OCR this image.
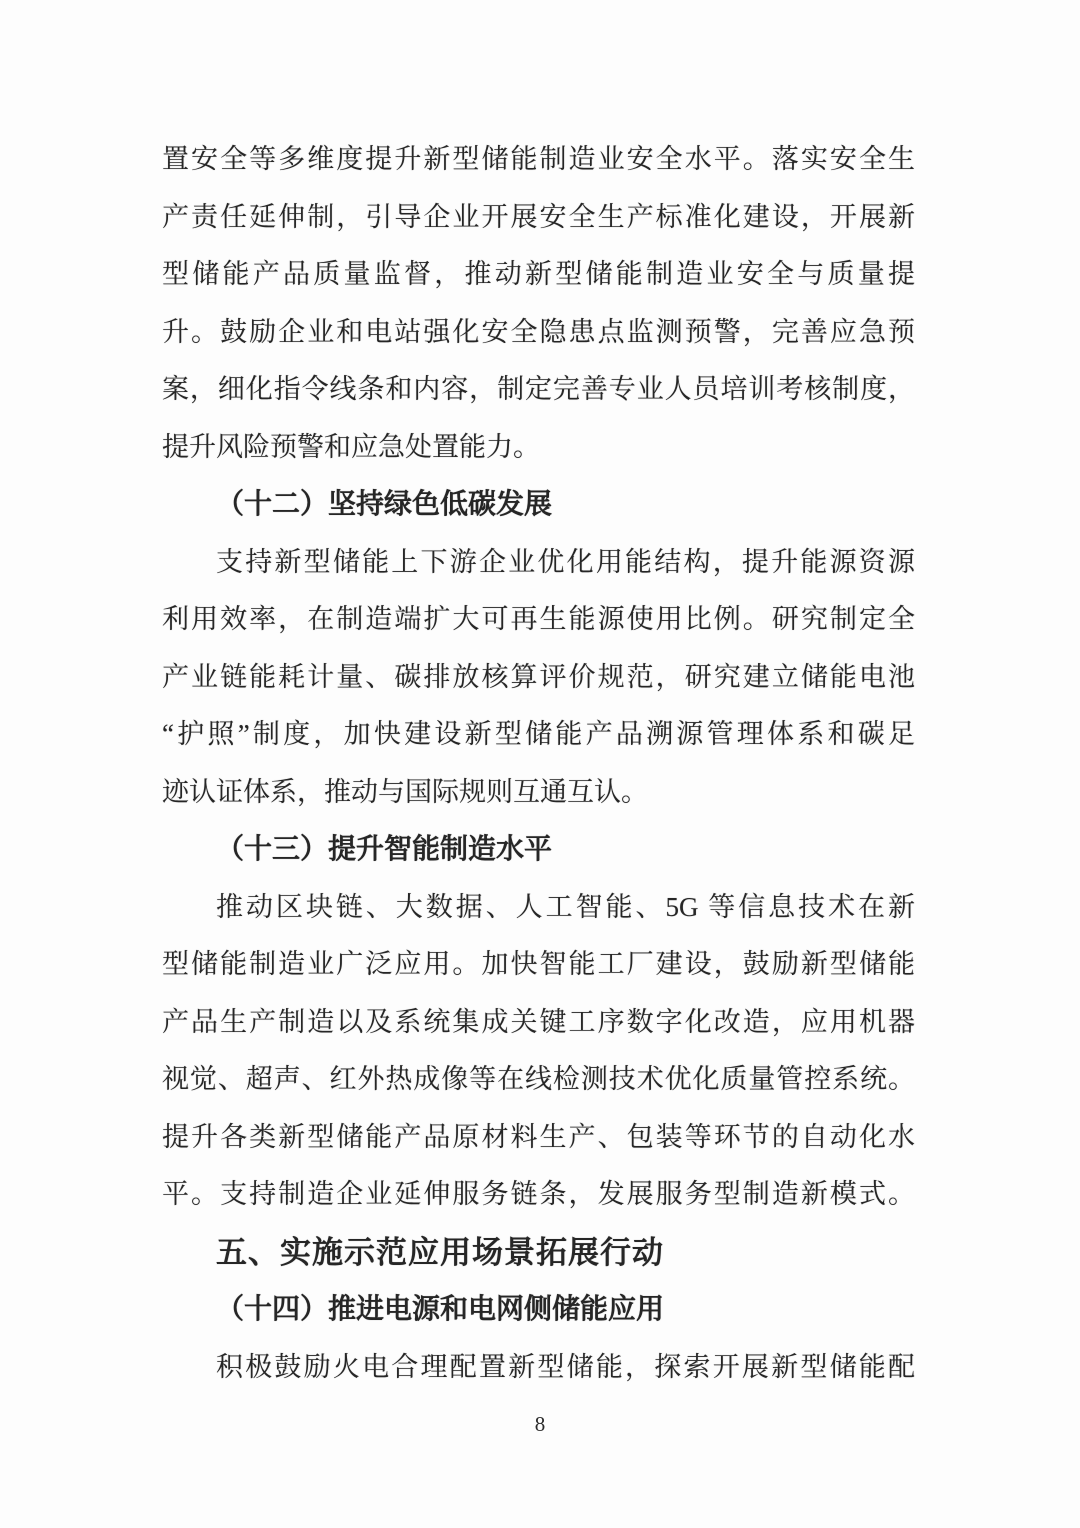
置安全等多维度提升新型储能制造业安全水平。落实安全生
产责任延伸制，引导企业开展安全生产标准化建设，开展新
型储能产品质量监督，推动新型储能制造业安全与质量提
升。鼓励企业和电站强化安全隐患点监测预警，完善应急预
案，细化指令线条和内容，制定完善专业人员培训考核制度，
提升风险预警和应急处置能力。
（十二）坚持绿色低碳发展
支持新型储能上下游企业优化用能结构，提升能源资源
利用效率，在制造端扩大可再生能源使用比例。研究制定全
产业链能耗计量、碳排放核算评价规范，研究建立储能电池
“护照”制度，加快建设新型储能产品溯源管理体系和碳足
迹认证体系，推动与国际规则互通互认。
（十三）提升智能制造水平
推动区块链、大数据、人工智能、5G 等信息技术在新
型储能制造业广泛应用。加快智能工厂建设，鼓励新型储能
产品生产制造以及系统集成关键工序数字化改造，应用机器
视觉、超声、红外热成像等在线检测技术优化质量管控系统。
提升各类新型储能产品原材料生产、包装等环节的自动化水
平。支持制造企业延伸服务链条，发展服务型制造新模式。
五、实施示范应用场景拓展行动
（十四）推进电源和电网侧储能应用
积极鼓励火电合理配置新型储能，探索开展新型储能配
8
